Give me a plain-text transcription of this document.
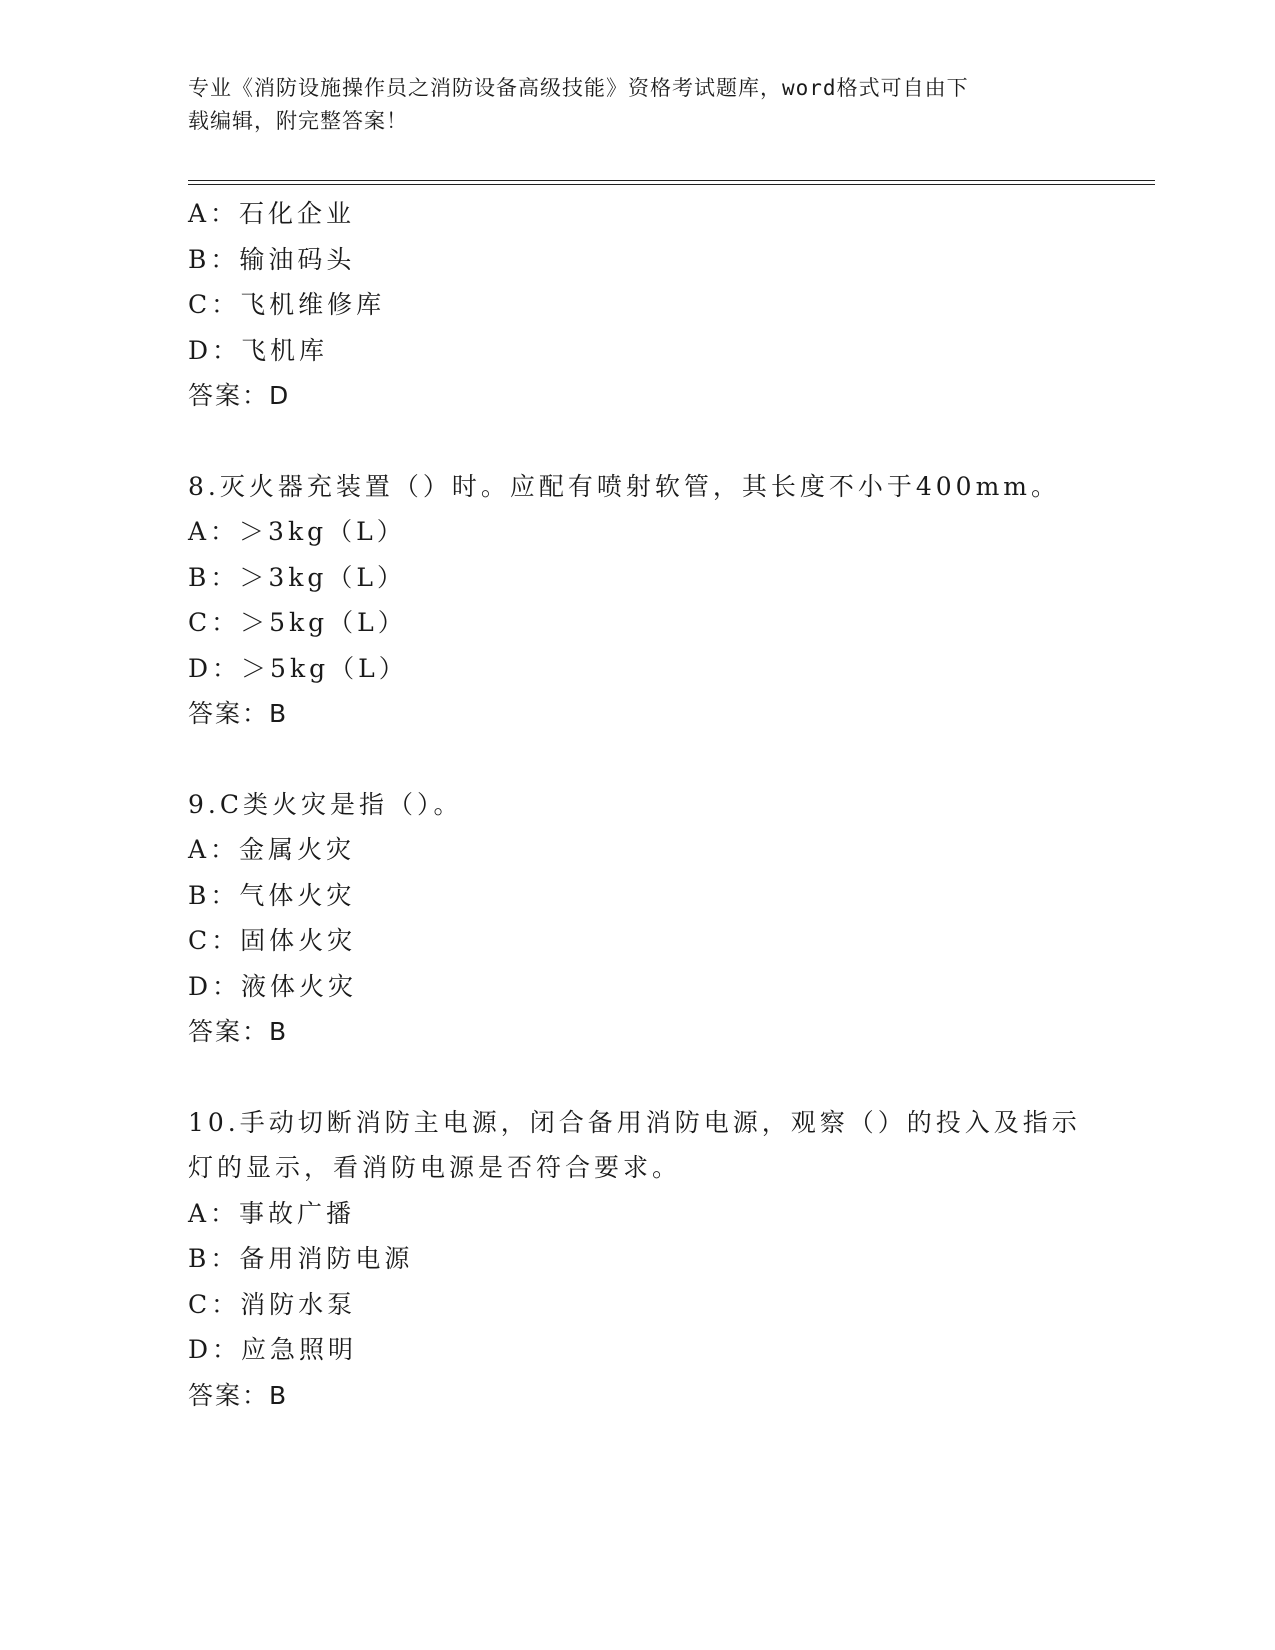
专业《消防设施操作员之消防设备高级技能》资格考试题库，word格式可自由下
载编辑，附完整答案！
A：石化企业
B：输油码头
C：飞机维修库
D：飞机库
答案：D
8.灭火器充装置（）时。应配有喷射软管，其长度不小于400mm。
A：＞3kg（L）
B：＞3kg（L）
C：＞5kg（L）
D：＞5kg（L）
答案：B
9.C类火灾是指（）。
A：金属火灾
B：气体火灾
C：固体火灾
D：液体火灾
答案：B
10.手动切断消防主电源，闭合备用消防电源，观察（）的投入及指示
灯的显示，看消防电源是否符合要求。
A：事故广播
B：备用消防电源
C：消防水泵
D：应急照明
答案：B
